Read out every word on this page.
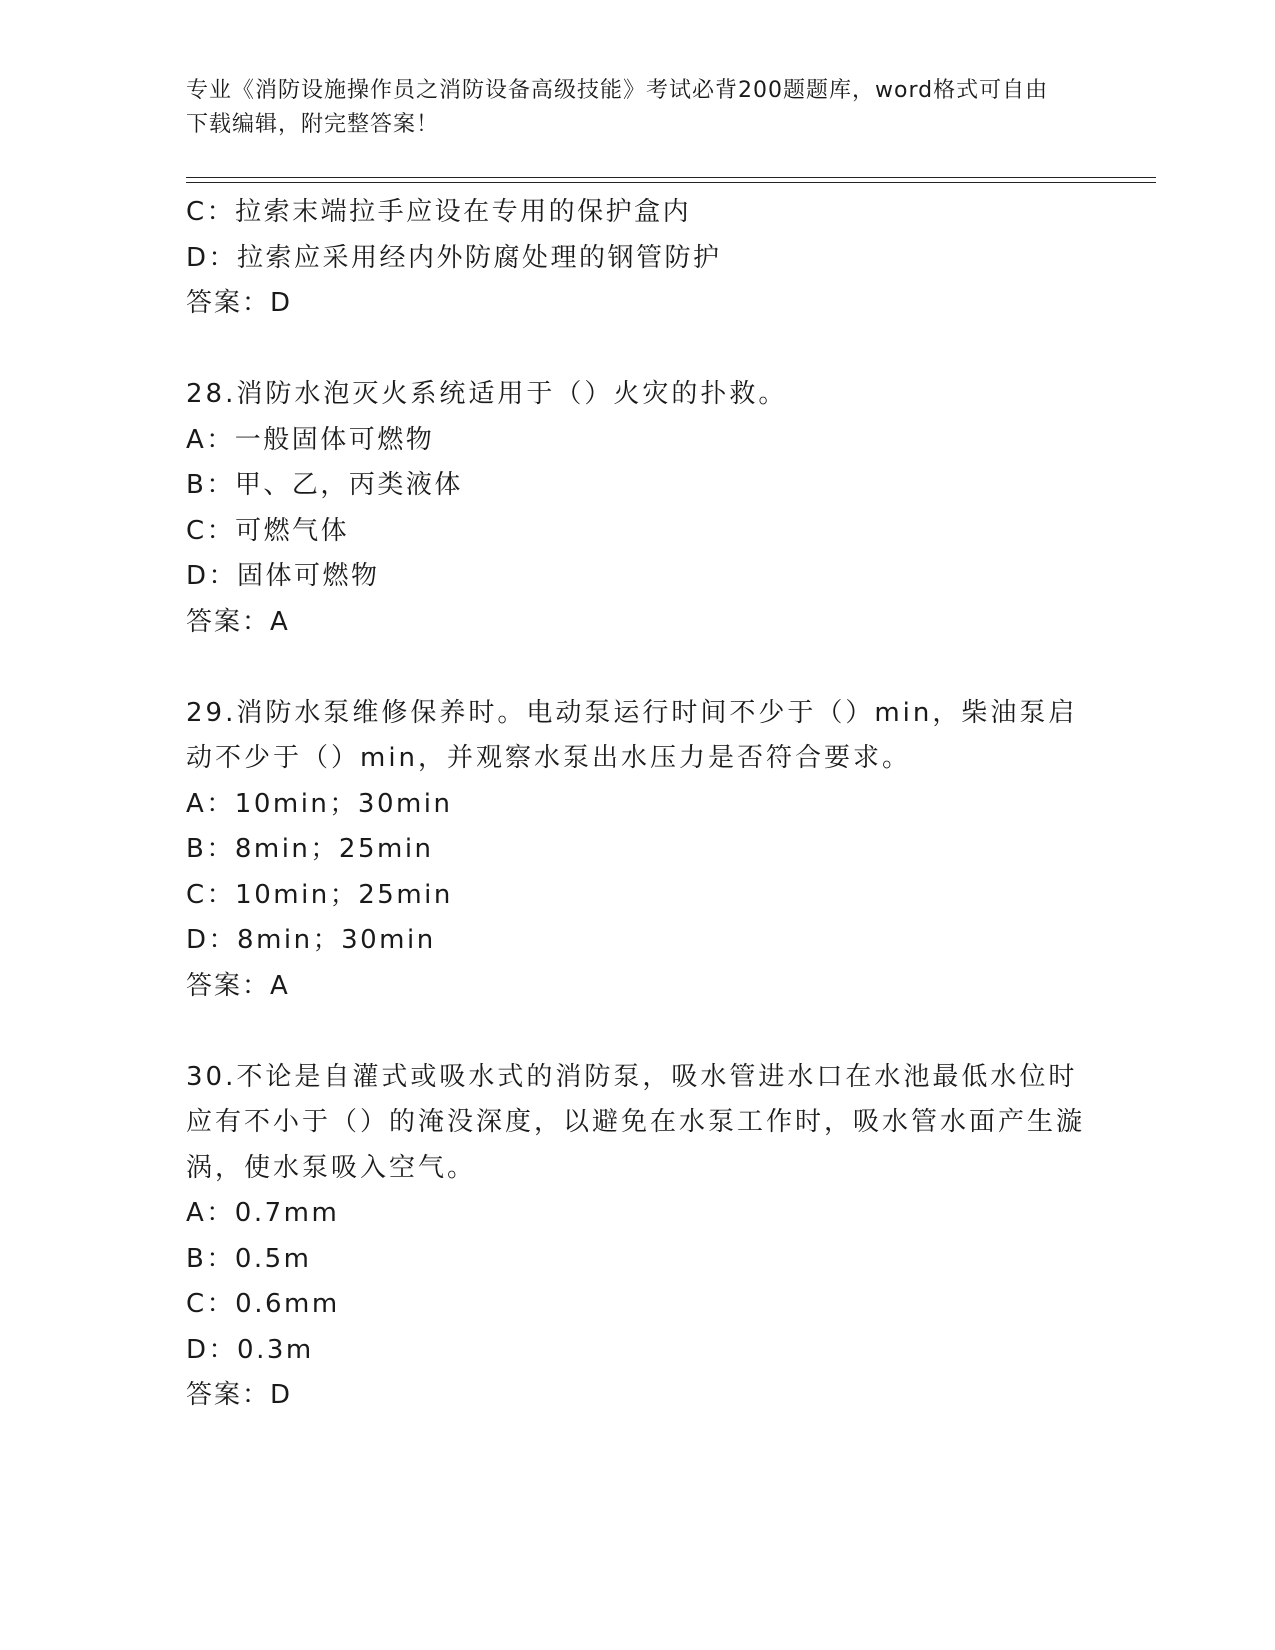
专业《消防设施操作员之消防设备高级技能》考试必背200题题库，word格式可自由下载编辑，附完整答案！
C：拉索末端拉手应设在专用的保护盒内
D：拉索应采用经内外防腐处理的钢管防护
答案：D
28.消防水泡灭火系统适用于（）火灾的扑救。
A：一般固体可燃物
B：甲、乙，丙类液体
C：可燃气体
D：固体可燃物
答案：A
29.消防水泵维修保养时。电动泵运行时间不少于（）min，柴油泵启动不少于（）min，并观察水泵出水压力是否符合要求。
A：10min；30min
B：8min；25min
C：10min；25min
D：8min；30min
答案：A
30.不论是自灌式或吸水式的消防泵，吸水管进水口在水池最低水位时应有不小于（）的淹没深度，以避免在水泵工作时，吸水管水面产生漩涡，使水泵吸入空气。
A：0.7mm
B：0.5m
C：0.6mm
D：0.3m
答案：D
